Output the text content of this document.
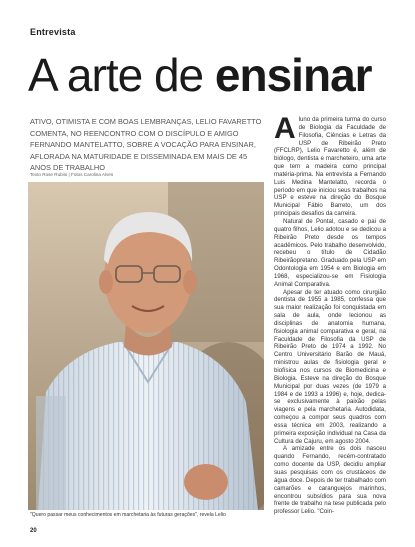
Entrevista
A arte de ensinar
ATIVO, OTIMISTA E COM BOAS LEMBRANÇAS, LELIO FAVARETTO COMENTA, NO REENCONTRO COM O DISCÍPULO E AMIGO FERNANDO MANTELATTO, SOBRE A VOCAÇÃO PARA ENSINAR, AFLORADA NA MATURIDADE E DISSEMINADA EM MAIS DE 45 ANOS DE TRABALHO
Texto Rose Rubini | Fotos Carolina Alves
"Quero passar meus conhecimentos em marchetaria às futuras gerações", revela Lelio
20

Aluno da primeira turma do curso de Biologia da Faculdade de Filosofia, Ciências e Letras da USP de Ribeirão Preto (FFCLRP), Lelio Favaretto é, além de biólogo, dentista e marcheteiro, uma arte que tem a madeira como principal matéria-prima. Na entrevista a Fernando Luis Medina Mantelatto, recorda o período em que iniciou seus trabalhos na USP e esteve na direção do Bosque Municipal Fábio Barreto, um dos principais desafios da carreira.

Natural de Pontal, casado e pai de quatro filhos, Lelio adotou e se dedicou a Ribeirão Preto desde os tempos acadêmicos. Pelo trabalho desenvolvido, recebeu o título de Cidadão Ribeirãopretano. Graduado pela USP em Odontologia em 1954 e em Biologia em 1968, especializou-se em Fisiologia Animal Comparativa.

Apesar de ter atuado como cirurgião dentista de 1955 a 1985, confessa que sua maior realização foi conquistada em sala de aula, onde lecionou as disciplinas de anatomia humana, fisiologia animal comparativa e geral, na Faculdade de Filosofia da USP de Ribeirão Preto de 1974 a 1992. No Centro Universitário Barão de Mauá, ministrou aulas de fisiologia geral e biofísica nos cursos de Biomedicina e Biologia. Esteve na direção do Bosque Municipal por duas vezes (de 1979 a 1984 e de 1993 a 1996) e, hoje, dedica-se exclusivamente à paixão pelas viagens e pela marchetaria. Autodidata, começou a compor seus quadros com essa técnica em 2003, realizando a primeira exposição individual na Casa da Cultura de Cajuru, em agosto 2004.

A amizade entre os dois nasceu quando Fernando, recém-contratado como docente da USP, decidiu ampliar suas pesquisas com os crustáceos de água doce. Depois de ter trabalhado com camarões e caranguejos marinhos, encontrou subsídios para sua nova frente de trabalho na tese publicada pelo professor Lelio. "Coin-
